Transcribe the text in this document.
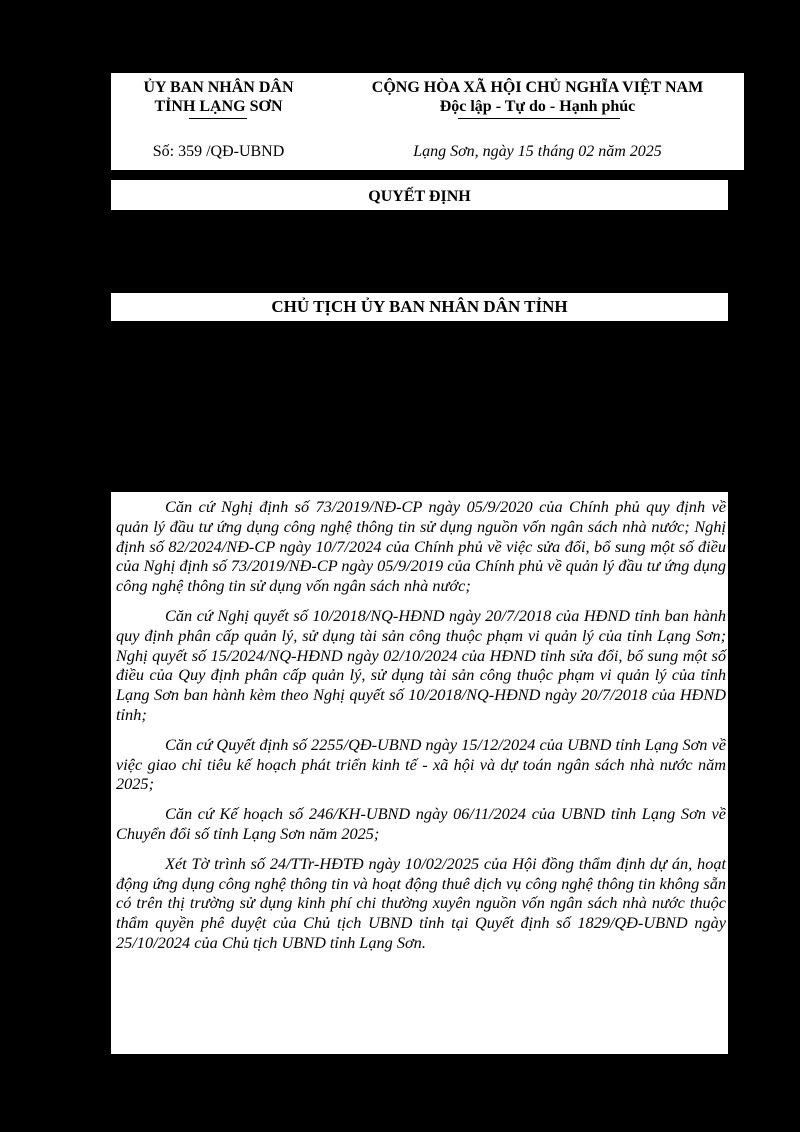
ỦY BAN NHÂN DÂN
TỈNH LẠNG SƠN
Số: 359 /QĐ-UBND
CỘNG HÒA XÃ HỘI CHỦ NGHĨA VIỆT NAM
Độc lập - Tự do - Hạnh phúc
Lạng Sơn, ngày 15 tháng 02 năm 2025
QUYẾT ĐỊNH
CHỦ TỊCH ỦY BAN NHÂN DÂN TỈNH

Căn cứ Nghị định số 73/2019/NĐ-CP ngày 05/9/2020 của Chính phủ quy định về quản lý đầu tư ứng dụng công nghệ thông tin sử dụng nguồn vốn ngân sách nhà nước; Nghị định số 82/2024/NĐ-CP ngày 10/7/2024 của Chính phủ về việc sửa đổi, bổ sung một số điều của Nghị định số 73/2019/NĐ-CP ngày 05/9/2019 của Chính phủ về quản lý đầu tư ứng dụng công nghệ thông tin sử dụng vốn ngân sách nhà nước;

Căn cứ Nghị quyết số 10/2018/NQ-HĐND ngày 20/7/2018 của HĐND tỉnh ban hành quy định phân cấp quản lý, sử dụng tài sản công thuộc phạm vi quản lý của tỉnh Lạng Sơn; Nghị quyết số 15/2024/NQ-HĐND ngày 02/10/2024 của HĐND tỉnh sửa đổi, bổ sung một số điều của Quy định phân cấp quản lý, sử dụng tài sản công thuộc phạm vi quản lý của tỉnh Lạng Sơn ban hành kèm theo Nghị quyết số 10/2018/NQ-HĐND ngày 20/7/2018 của HĐND tỉnh;

Căn cứ Quyết định số 2255/QĐ-UBND ngày 15/12/2024 của UBND tỉnh Lạng Sơn về việc giao chỉ tiêu kế hoạch phát triển kinh tế - xã hội và dự toán ngân sách nhà nước năm 2025;

Căn cứ Kế hoạch số 246/KH-UBND ngày 06/11/2024 của UBND tỉnh Lạng Sơn về Chuyển đổi số tỉnh Lạng Sơn năm 2025;

Xét Tờ trình số 24/TTr-HĐTĐ ngày 10/02/2025 của Hội đồng thẩm định dự án, hoạt động ứng dụng công nghệ thông tin và hoạt động thuê dịch vụ công nghệ thông tin không sẵn có trên thị trường sử dụng kinh phí chi thường xuyên nguồn vốn ngân sách nhà nước thuộc thẩm quyền phê duyệt của Chủ tịch UBND tỉnh tại Quyết định số 1829/QĐ-UBND ngày 25/10/2024 của Chủ tịch UBND tỉnh Lạng Sơn.
